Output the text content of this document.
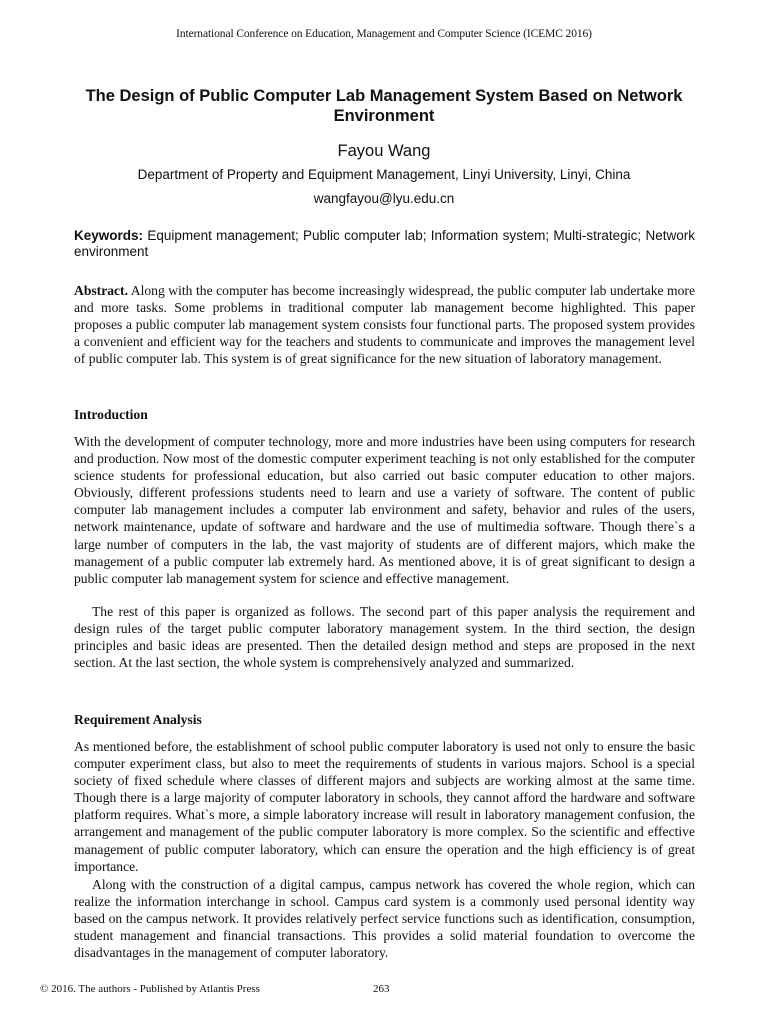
International Conference on Education, Management and Computer Science (ICEMC 2016)
The Design of Public Computer Lab Management System Based on Network Environment
Fayou Wang
Department of Property and Equipment Management, Linyi University, Linyi, China
wangfayou@lyu.edu.cn

Keywords: Equipment management; Public computer lab; Information system; Multi-strategic; Network environment

Abstract. Along with the computer has become increasingly widespread, the public computer lab undertake more and more tasks. Some problems in traditional computer lab management become highlighted. This paper proposes a public computer lab management system consists four functional parts. The proposed system provides a convenient and efficient way for the teachers and students to communicate and improves the management level of public computer lab. This system is of great significance for the new situation of laboratory management.

Introduction

With the development of computer technology, more and more industries have been using computers for research and production. Now most of the domestic computer experiment teaching is not only established for the computer science students for professional education, but also carried out basic computer education to other majors. Obviously, different professions students need to learn and use a variety of software. The content of public computer lab management includes a computer lab environment and safety, behavior and rules of the users, network maintenance, update of software and hardware and the use of multimedia software. Though there`s a large number of computers in the lab, the vast majority of students are of different majors, which make the management of a public computer lab extremely hard. As mentioned above, it is of great significant to design a public computer lab management system for science and effective management.

The rest of this paper is organized as follows. The second part of this paper analysis the requirement and design rules of the target public computer laboratory management system. In the third section, the design principles and basic ideas are presented. Then the detailed design method and steps are proposed in the next section. At the last section, the whole system is comprehensively analyzed and summarized.

Requirement Analysis

As mentioned before, the establishment of school public computer laboratory is used not only to ensure the basic computer experiment class, but also to meet the requirements of students in various majors. School is a special society of fixed schedule where classes of different majors and subjects are working almost at the same time. Though there is a large majority of computer laboratory in schools, they cannot afford the hardware and software platform requires. What`s more, a simple laboratory increase will result in laboratory management confusion, the arrangement and management of the public computer laboratory is more complex. So the scientific and effective management of public computer laboratory, which can ensure the operation and the high efficiency is of great importance.

Along with the construction of a digital campus, campus network has covered the whole region, which can realize the information interchange in school. Campus card system is a commonly used personal identity way based on the campus network. It provides relatively perfect service functions such as identification, consumption, student management and financial transactions. This provides a solid material foundation to overcome the disadvantages in the management of computer laboratory.

© 2016. The authors - Published by Atlantis Press	263
